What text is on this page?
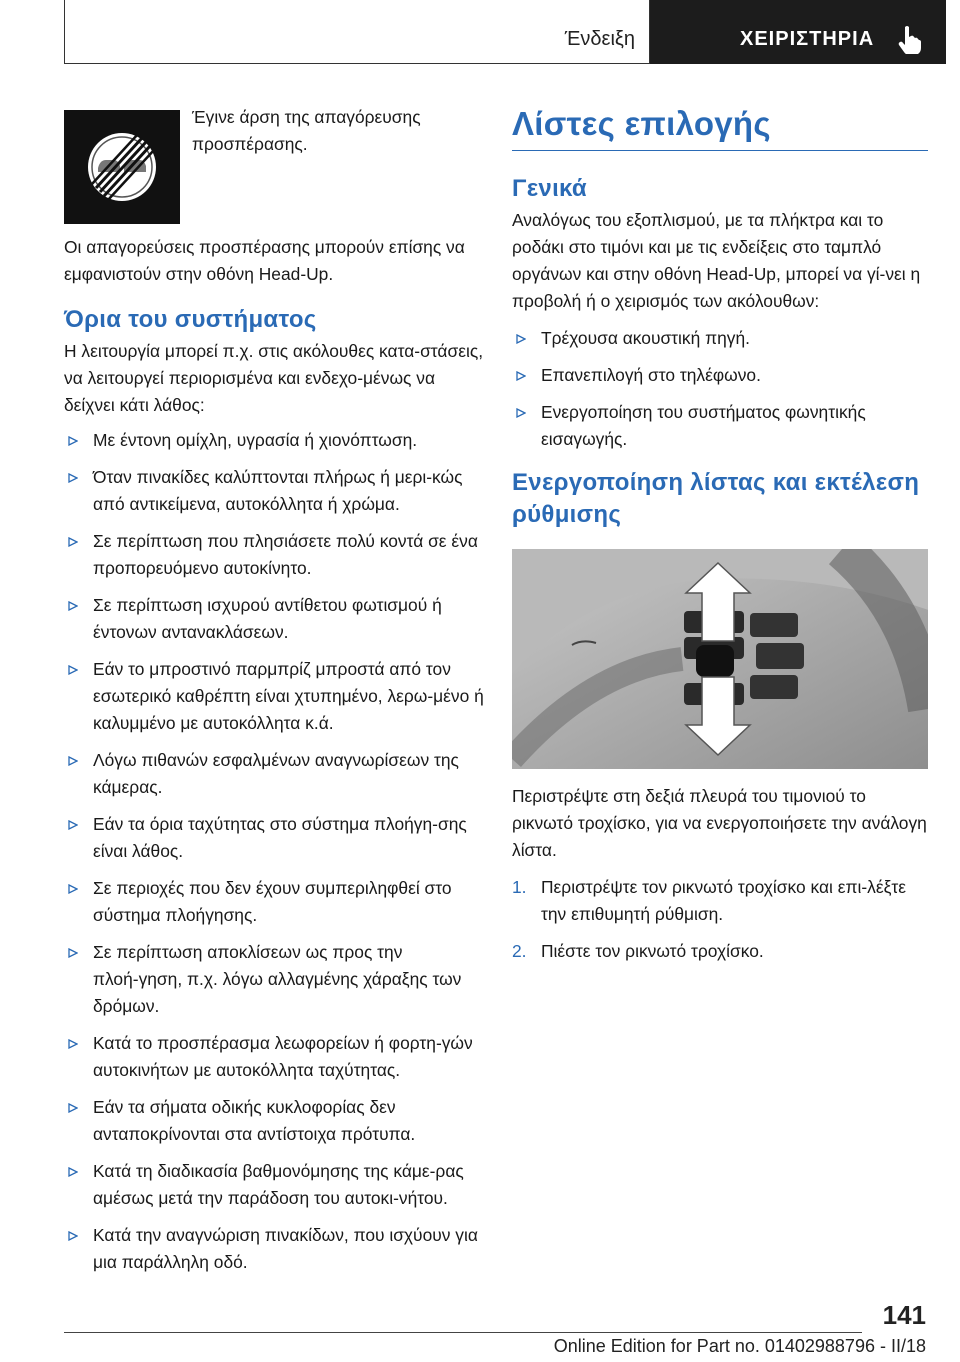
Ένδειξη	ΧΕΙΡΙΣΤΗΡΙΑ
Έγινε άρση της απαγόρευσης προσπέρασης.

Οι απαγορεύσεις προσπέρασης μπορούν επίσης να εμφανιστούν στην οθόνη Head-Up.

Όρια του συστήματος

Η λειτουργία μπορεί π.χ. στις ακόλουθες κατα‑στάσεις, να λειτουργεί περιορισμένα και ενδεχο‑μένως να δείχνει κάτι λάθος:

Με έντονη ομίχλη, υγρασία ή χιονόπτωση.
Όταν πινακίδες καλύπτονται πλήρως ή μερι‑κώς από αντικείμενα, αυτοκόλλητα ή χρώμα.
Σε περίπτωση που πλησιάσετε πολύ κοντά σε ένα προπορευόμενο αυτοκίνητο.
Σε περίπτωση ισχυρού αντίθετου φωτισμού ή έντονων αντανακλάσεων.
Εάν το μπροστινό παρμπρίζ μπροστά από τον εσωτερικό καθρέπτη είναι χτυπημένο, λερω‑μένο ή καλυμμένο με αυτοκόλλητα κ.ά.
Λόγω πιθανών εσφαλμένων αναγνωρίσεων της κάμερας.
Εάν τα όρια ταχύτητας στο σύστημα πλοήγη‑σης είναι λάθος.
Σε περιοχές που δεν έχουν συμπεριληφθεί στο σύστημα πλοήγησης.
Σε περίπτωση αποκλίσεων ως προς την πλοή‑γηση, π.χ. λόγω αλλαγμένης χάραξης των δρόμων.
Κατά το προσπέρασμα λεωφορείων ή φορτη‑γών αυτοκινήτων με αυτοκόλλητα ταχύτητας.
Εάν τα σήματα οδικής κυκλοφορίας δεν ανταποκρίνονται στα αντίστοιχα πρότυπα.
Κατά τη διαδικασία βαθμονόμησης της κάμε‑ρας αμέσως μετά την παράδοση του αυτοκι‑νήτου.
Κατά την αναγνώριση πινακίδων, που ισχύουν για μια παράλληλη οδό.
Λίστες επιλογής
Γενικά

Αναλόγως του εξοπλισμού, με τα πλήκτρα και το ροδάκι στο τιμόνι και με τις ενδείξεις στο ταμπλό οργάνων και στην οθόνη Head-Up, μπορεί να γί‑νει η προβολή ή ο χειρισμός των ακόλουθων:

Τρέχουσα ακουστική πηγή.
Επανεπιλογή στο τηλέφωνο.
Ενεργοποίηση του συστήματος φωνητικής εισαγωγής.
Ενεργοποίηση λίστας και εκτέλεση ρύθμισης

Περιστρέψτε στη δεξιά πλευρά του τιμονιού το ρικνωτό τροχίσκο, για να ενεργοποιήσετε την ανάλογη λίστα.

1. Περιστρέψτε τον ρικνωτό τροχίσκο και επι‑λέξτε την επιθυμητή ρύθμιση.
2. Πιέστε τον ρικνωτό τροχίσκο.
141
Online Edition for Part no. 01402988796 - II/18
